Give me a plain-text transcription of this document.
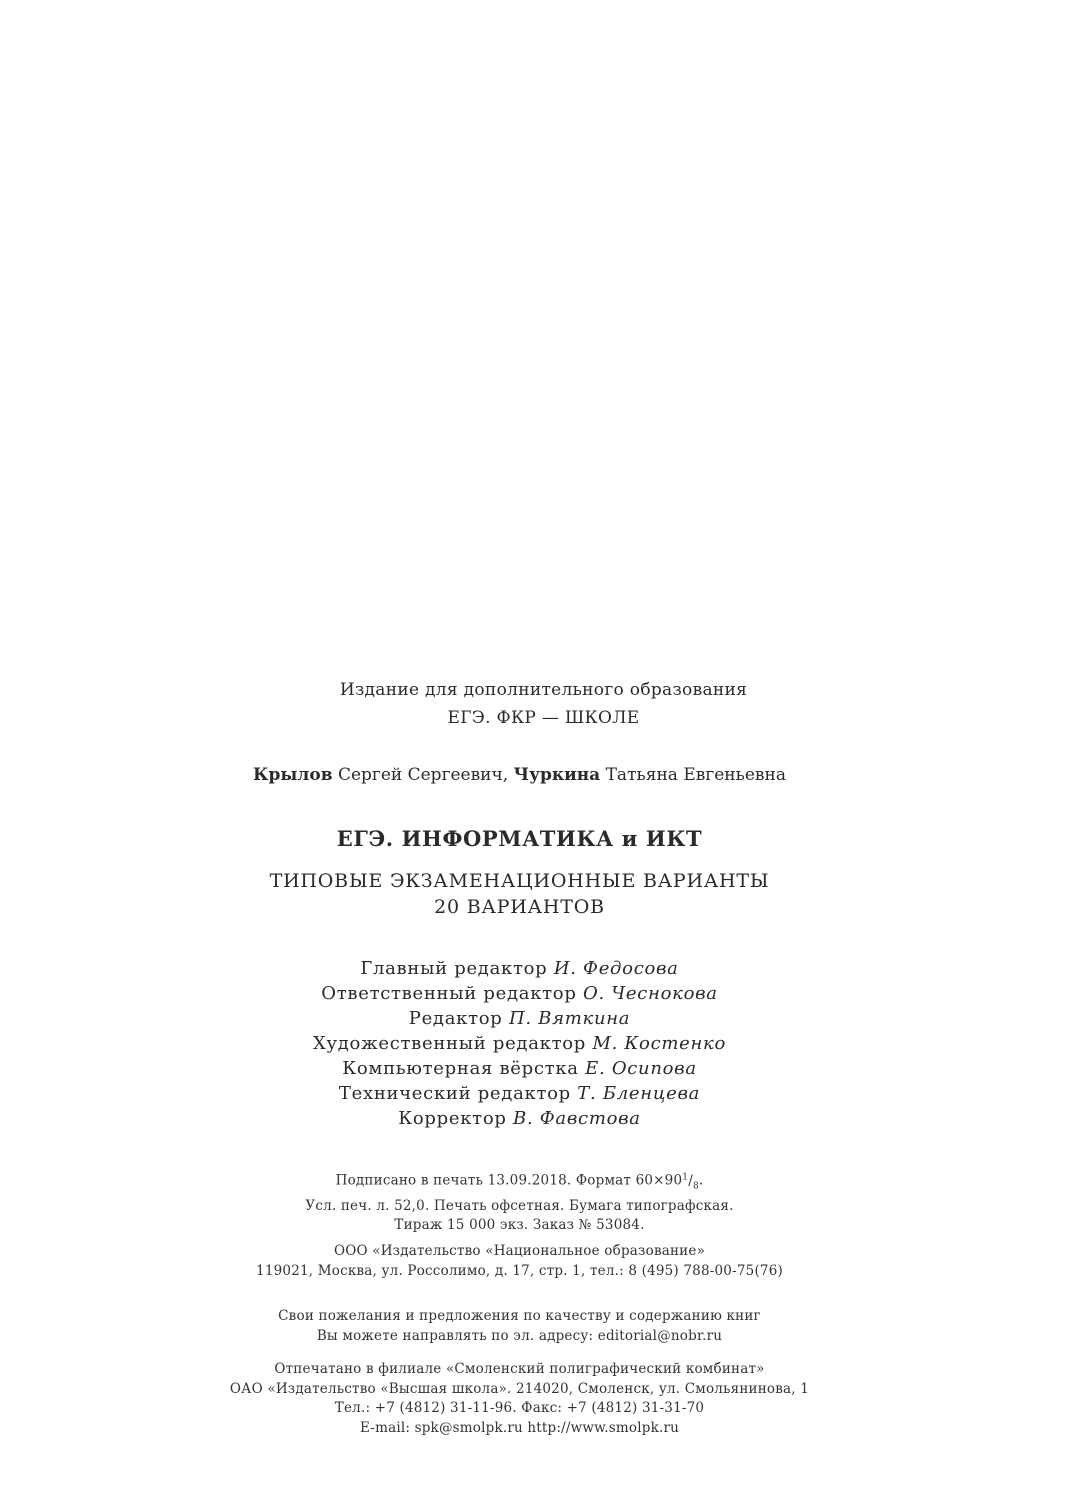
Издание для дополнительного образования
ЕГЭ. ФКР — ШКОЛЕ
Крылов Сергей Сергеевич, Чуркина Татьяна Евгеньевна
ЕГЭ. ИНФОРМАТИКА и ИКТ
ТИПОВЫЕ ЭКЗАМЕНАЦИОННЫЕ ВАРИАНТЫ
20 ВАРИАНТОВ
Главный редактор И. Федосова
Ответственный редактор О. Чеснокова
Редактор П. Вяткина
Художественный редактор М. Костенко
Компьютерная вёрстка Е. Осипова
Технический редактор Т. Бленцева
Корректор В. Фавстова
Подписано в печать 13.09.2018. Формат $60\times 90^1/_8$.
Усл. печ. л. 52,0. Печать офсетная. Бумага типографская.
Тираж 15 000 экз. Заказ № 53084.
ООО «Издательство «Национальное образование»
119021, Москва, ул. Россолимо, д. 17, стр. 1, тел.: 8 (495) 788-00-75(76)
Свои пожелания и предложения по качеству и содержанию книг
Вы можете направлять по эл. адресу: editorial@nobr.ru
Отпечатано в филиале «Смоленский полиграфический комбинат»
ОАО «Издательство «Высшая школа». 214020, Смоленск, ул. Смольянинова, 1
Тел.: +7 (4812) 31-11-96. Факс: +7 (4812) 31-31-70
E-mail: spk@smolpk.ru http://www.smolpk.ru
